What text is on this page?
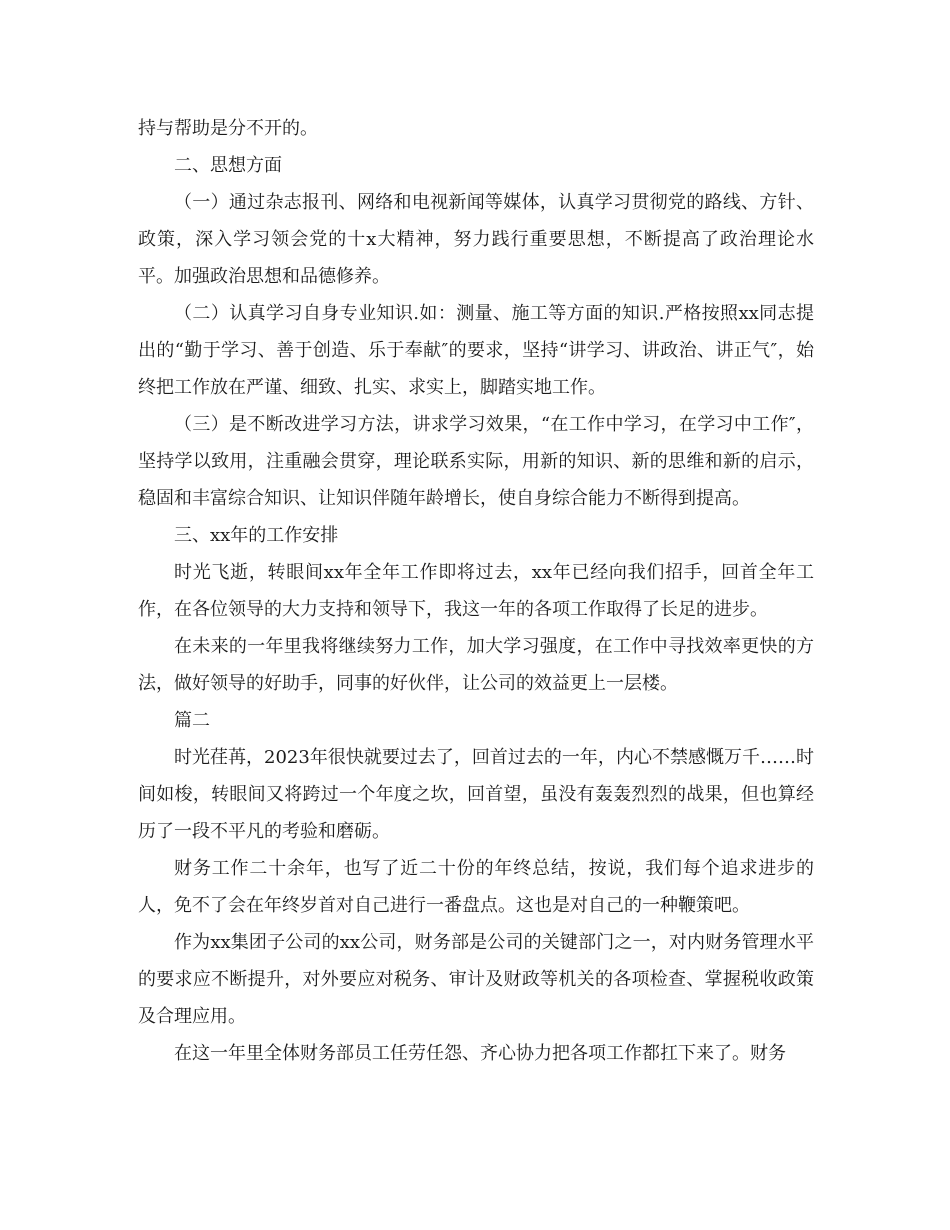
持与帮助是分不开的。

二、思想方面

（一）通过杂志报刊、网络和电视新闻等媒体，认真学习贯彻党的路线、方针、政策，深入学习领会党的十x大精神，努力践行重要思想，不断提高了政治理论水平。加强政治思想和品德修养。

（二）认真学习自身专业知识.如：测量、施工等方面的知识.严格按照xx同志提出的“勤于学习、善于创造、乐于奉献″的要求，坚持“讲学习、讲政治、讲正气″，始终把工作放在严谨、细致、扎实、求实上，脚踏实地工作。

（三）是不断改进学习方法，讲求学习效果，“在工作中学习，在学习中工作″，坚持学以致用，注重融会贯穿，理论联系实际，用新的知识、新的思维和新的启示，稳固和丰富综合知识、让知识伴随年龄增长，使自身综合能力不断得到提高。

三、xx年的工作安排

时光飞逝，转眼间xx年全年工作即将过去，xx年已经向我们招手，回首全年工作，在各位领导的大力支持和领导下，我这一年的各项工作取得了长足的进步。

在未来的一年里我将继续努力工作，加大学习强度，在工作中寻找效率更快的方法，做好领导的好助手，同事的好伙伴，让公司的效益更上一层楼。

篇二

时光荏苒，2023年很快就要过去了，回首过去的一年，内心不禁感慨万千……时间如梭，转眼间又将跨过一个年度之坎，回首望，虽没有轰轰烈烈的战果，但也算经历了一段不平凡的考验和磨砺。

财务工作二十余年，也写了近二十份的年终总结，按说，我们每个追求进步的人，免不了会在年终岁首对自己进行一番盘点。这也是对自己的一种鞭策吧。

作为xx集团子公司的xx公司，财务部是公司的关键部门之一，对内财务管理水平的要求应不断提升，对外要应对税务、审计及财政等机关的各项检查、掌握税收政策及合理应用。

在这一年里全体财务部员工任劳任怨、齐心协力把各项工作都扛下来了。财务
